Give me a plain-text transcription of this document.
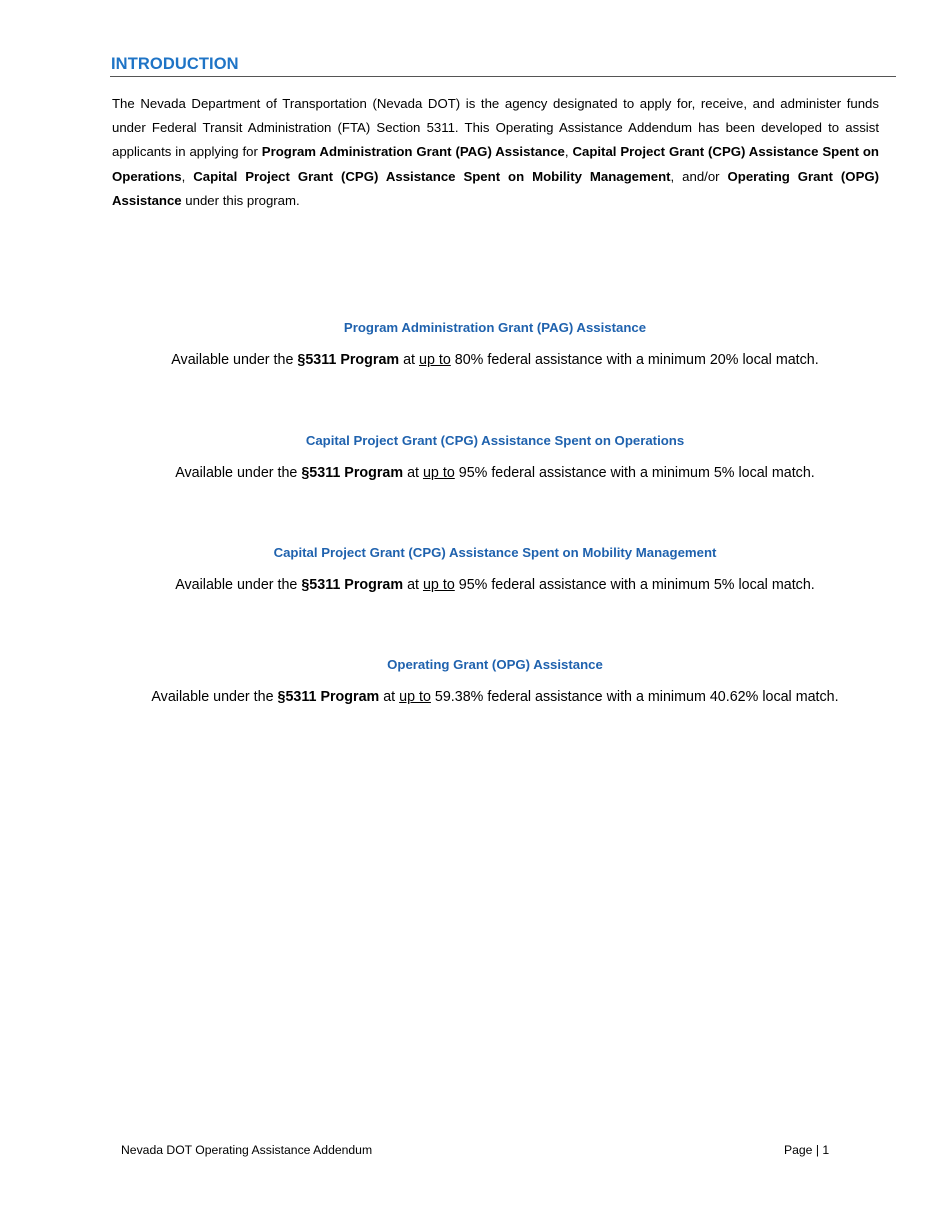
INTRODUCTION

The Nevada Department of Transportation (Nevada DOT) is the agency designated to apply for, receive, and administer funds under Federal Transit Administration (FTA) Section 5311. This Operating Assistance Addendum has been developed to assist applicants in applying for Program Administration Grant (PAG) Assistance, Capital Project Grant (CPG) Assistance Spent on Operations, Capital Project Grant (CPG) Assistance Spent on Mobility Management, and/or Operating Grant (OPG) Assistance under this program.

Program Administration Grant (PAG) Assistance
Available under the §5311 Program at up to 80% federal assistance with a minimum 20% local match.
Capital Project Grant (CPG) Assistance Spent on Operations
Available under the §5311 Program at up to 95% federal assistance with a minimum 5% local match.
Capital Project Grant (CPG) Assistance Spent on Mobility Management
Available under the §5311 Program at up to 95% federal assistance with a minimum 5% local match.
Operating Grant (OPG) Assistance
Available under the §5311 Program at up to 59.38% federal assistance with a minimum 40.62% local match.
Nevada DOT Operating Assistance Addendum	Page | 1
